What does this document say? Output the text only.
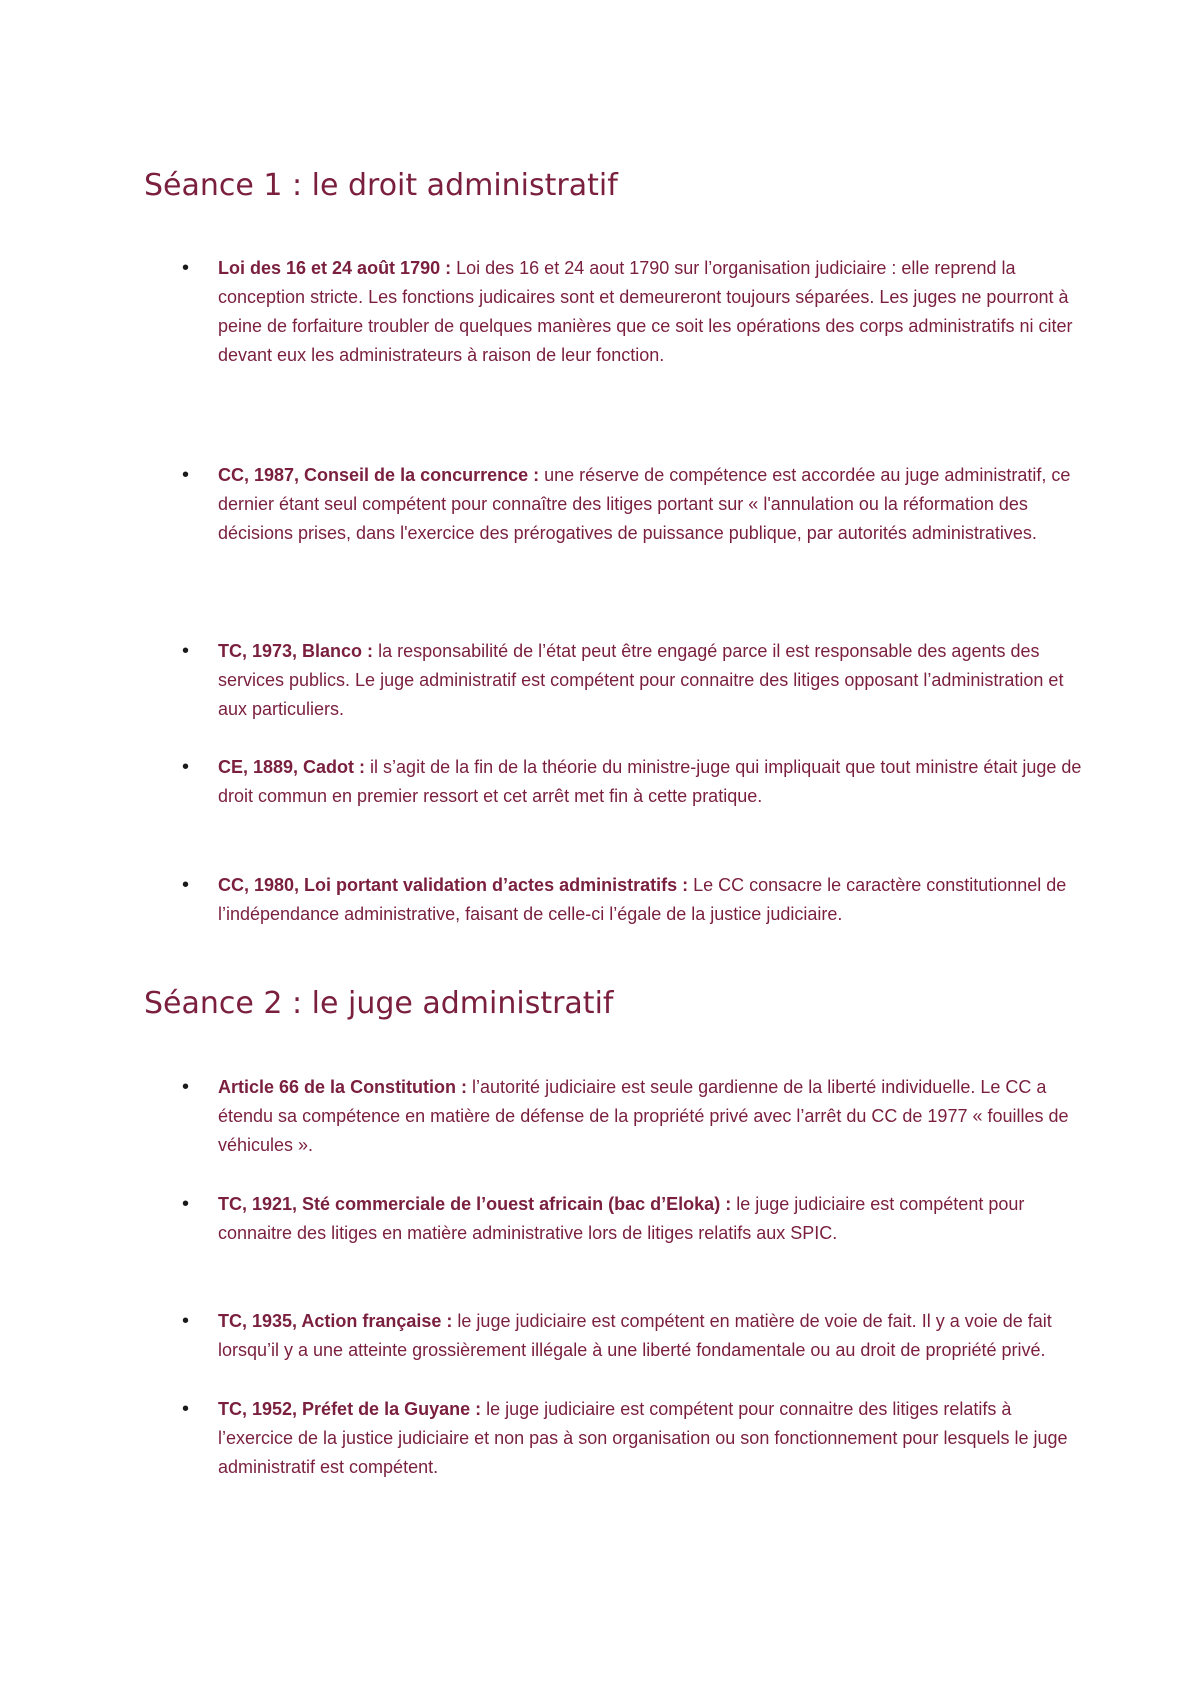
Séance 1 : le droit administratif
• Loi des 16 et 24 août 1790 : Loi des 16 et 24 aout 1790 sur l’organisation judiciaire : elle reprend la conception stricte. Les fonctions judicaires sont et demeureront toujours séparées. Les juges ne pourront à peine de forfaiture troubler de quelques manières que ce soit les opérations des corps administratifs ni citer devant eux les administrateurs à raison de leur fonction.
• CC, 1987, Conseil de la concurrence : une réserve de compétence est accordée au juge administratif, ce dernier étant seul compétent pour connaître des litiges portant sur « l'annulation ou la réformation des décisions prises, dans l'exercice des prérogatives de puissance publique, par autorités administratives.
• TC, 1973, Blanco : la responsabilité de l’état peut être engagé parce il est responsable des agents des services publics. Le juge administratif est compétent pour connaitre des litiges opposant l’administration et aux particuliers.
• CE, 1889, Cadot : il s’agit de la fin de la théorie du ministre-juge qui impliquait que tout ministre était juge de droit commun en premier ressort et cet arrêt met fin à cette pratique.
• CC, 1980, Loi portant validation d’actes administratifs : Le CC consacre le caractère constitutionnel de l’indépendance administrative, faisant de celle-ci l’égale de la justice judiciaire.
Séance 2 : le juge administratif
• Article 66 de la Constitution : l’autorité judiciaire est seule gardienne de la liberté individuelle. Le CC a étendu sa compétence en matière de défense de la propriété privé avec l’arrêt du CC de 1977 « fouilles de véhicules ».
• TC, 1921, Sté commerciale de l’ouest africain (bac d’Eloka) : le juge judiciaire est compétent pour connaitre des litiges en matière administrative lors de litiges relatifs aux SPIC.
• TC, 1935, Action française : le juge judiciaire est compétent en matière de voie de fait. Il y a voie de fait lorsqu’il y a une atteinte grossièrement illégale à une liberté fondamentale ou au droit de propriété privé.
• TC, 1952, Préfet de la Guyane : le juge judiciaire est compétent pour connaitre des litiges relatifs à l’exercice de la justice judiciaire et non pas à son organisation ou son fonctionnement pour lesquels le juge administratif est compétent.
